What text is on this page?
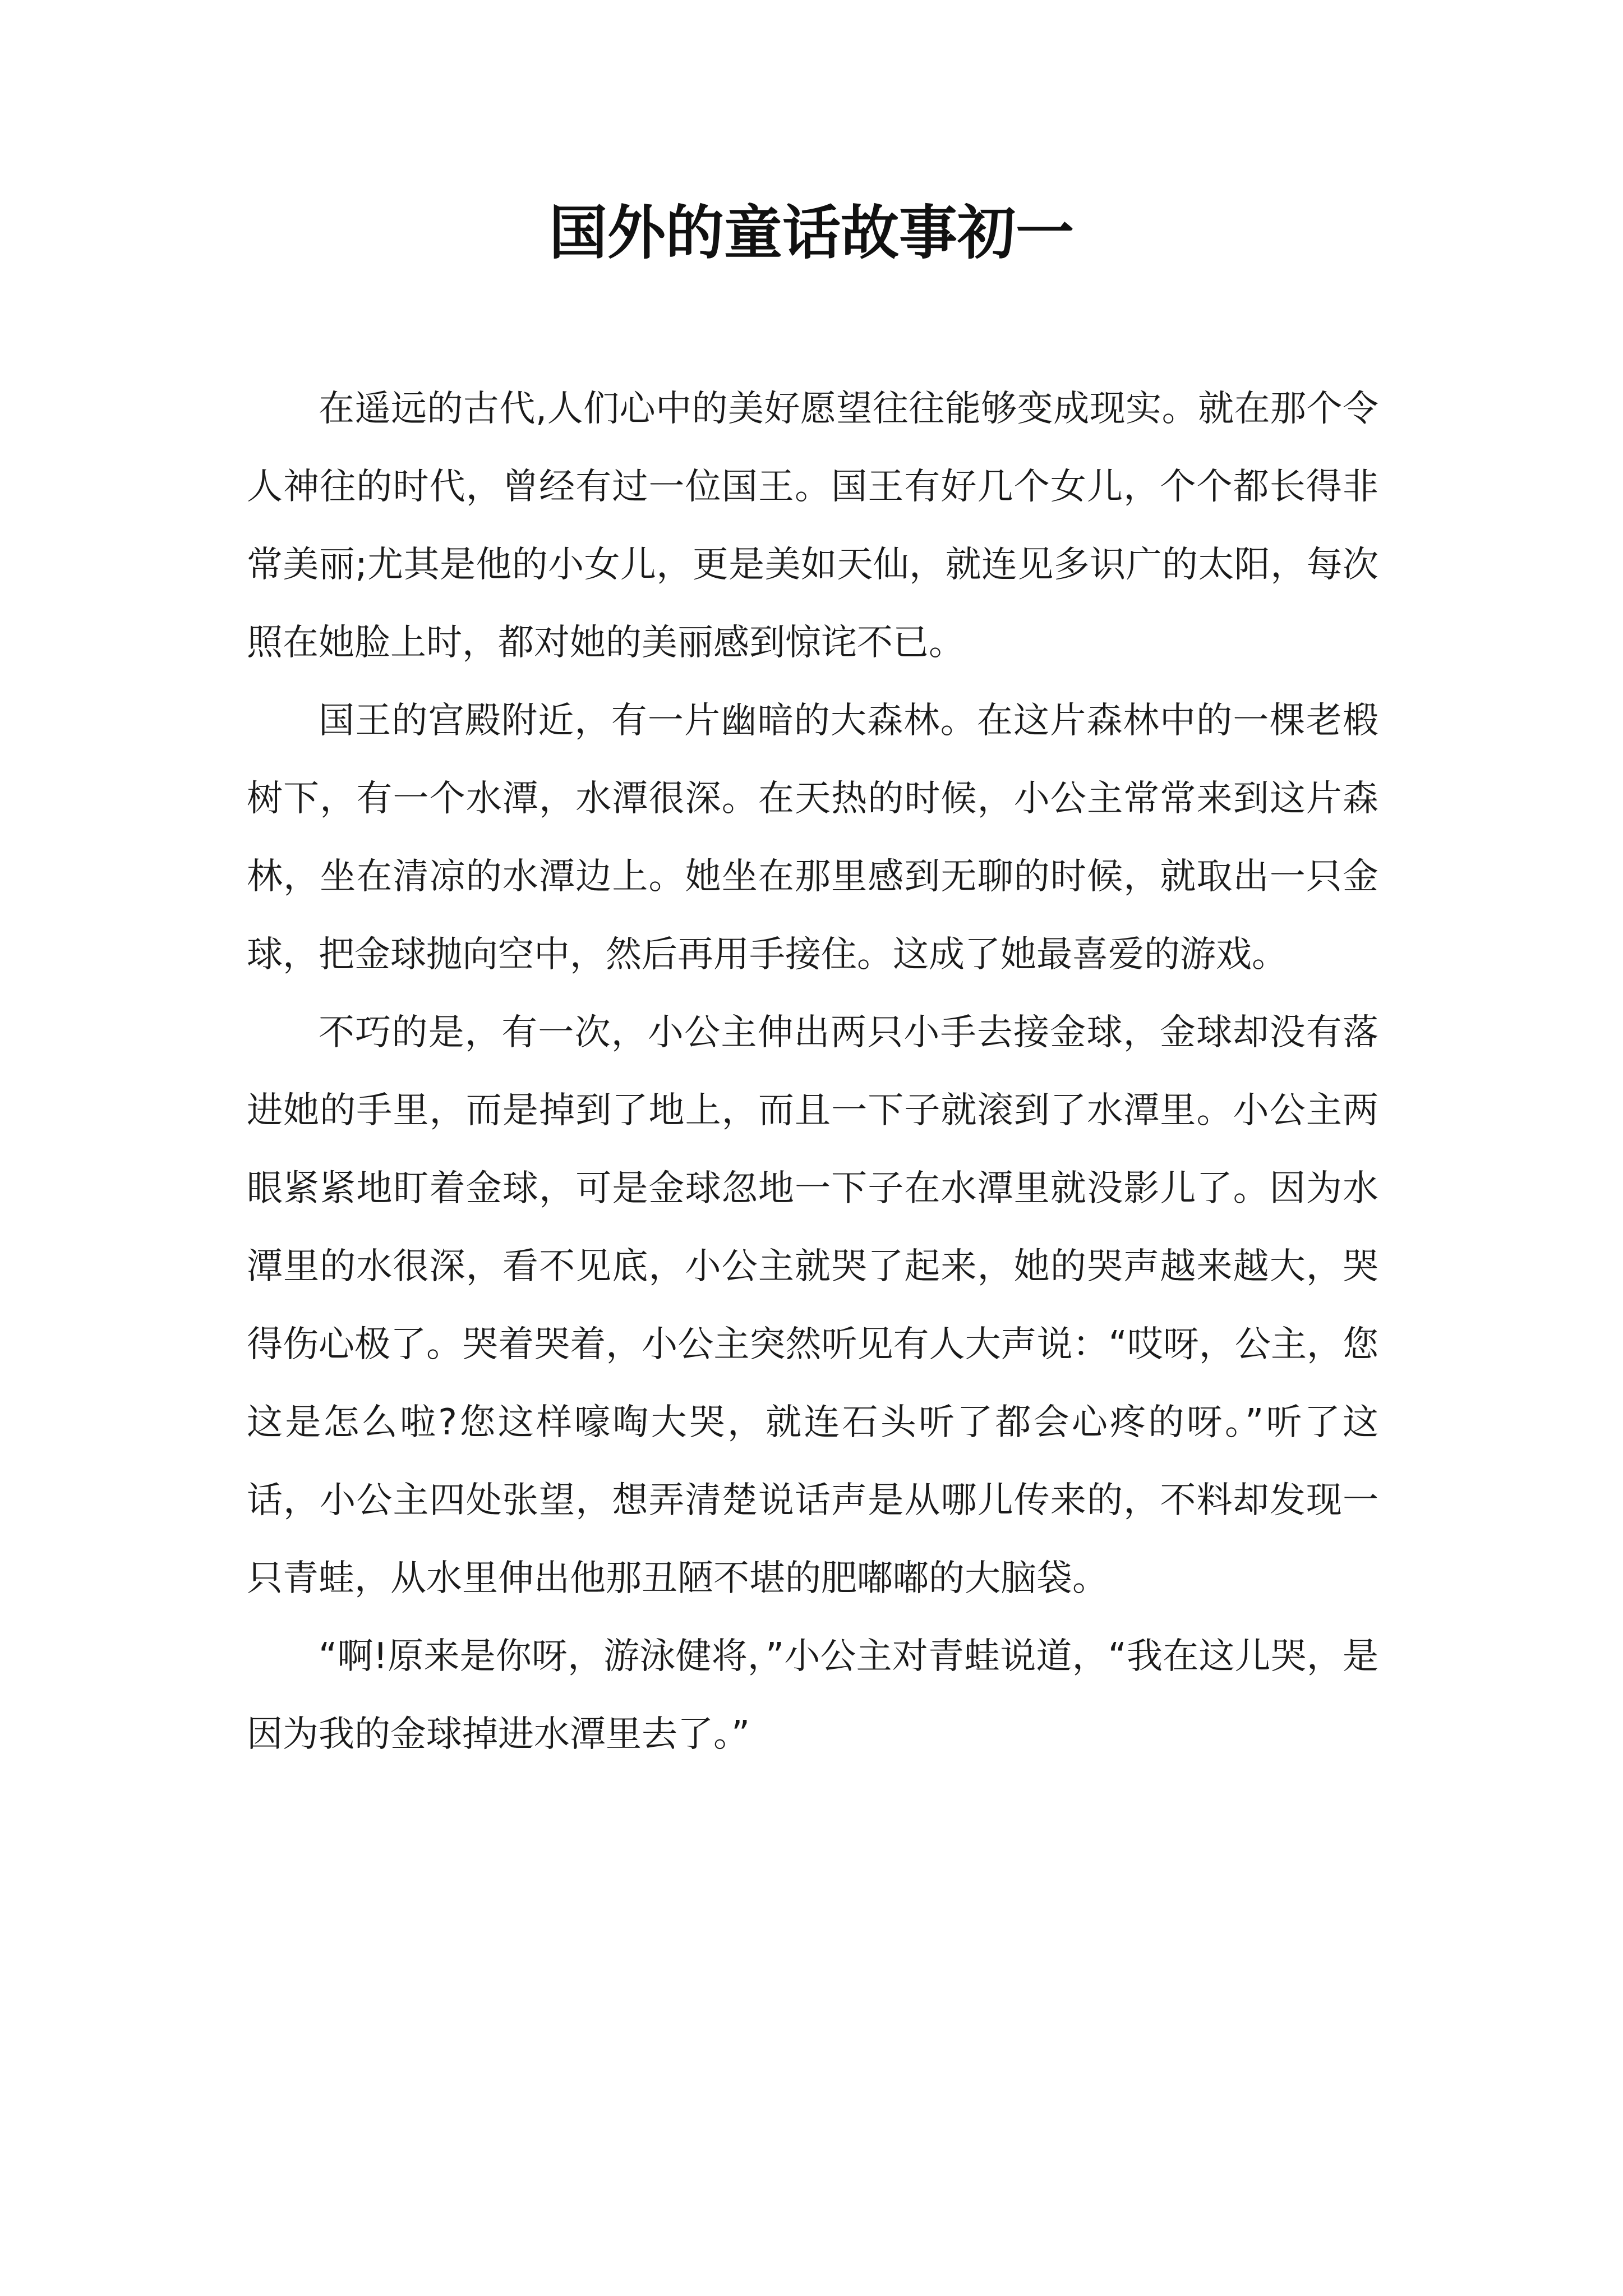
国外的童话故事初一

在遥远的古代,人们心中的美好愿望往往能够变成现实。就在那个令人神往的时代，曾经有过一位国王。国王有好几个女儿，个个都长得非常美丽;尤其是他的小女儿，更是美如天仙，就连见多识广的太阳，每次照在她脸上时，都对她的美丽感到惊诧不已。

国王的宫殿附近，有一片幽暗的大森林。在这片森林中的一棵老椴树下，有一个水潭，水潭很深。在天热的时候，小公主常常来到这片森林，坐在清凉的水潭边上。她坐在那里感到无聊的时候，就取出一只金球，把金球抛向空中，然后再用手接住。这成了她最喜爱的游戏。

不巧的是，有一次，小公主伸出两只小手去接金球，金球却没有落进她的手里，而是掉到了地上，而且一下子就滚到了水潭里。小公主两眼紧紧地盯着金球，可是金球忽地一下子在水潭里就没影儿了。因为水潭里的水很深，看不见底，小公主就哭了起来，她的哭声越来越大，哭得伤心极了。哭着哭着，小公主突然听见有人大声说：“哎呀，公主，您这是怎么啦?您这样嚎啕大哭，就连石头听了都会心疼的呀。”听了这话，小公主四处张望，想弄清楚说话声是从哪儿传来的，不料却发现一只青蛙，从水里伸出他那丑陋不堪的肥嘟嘟的大脑袋。

“啊!原来是你呀，游泳健将，”小公主对青蛙说道，“我在这儿哭，是因为我的金球掉进水潭里去了。”
